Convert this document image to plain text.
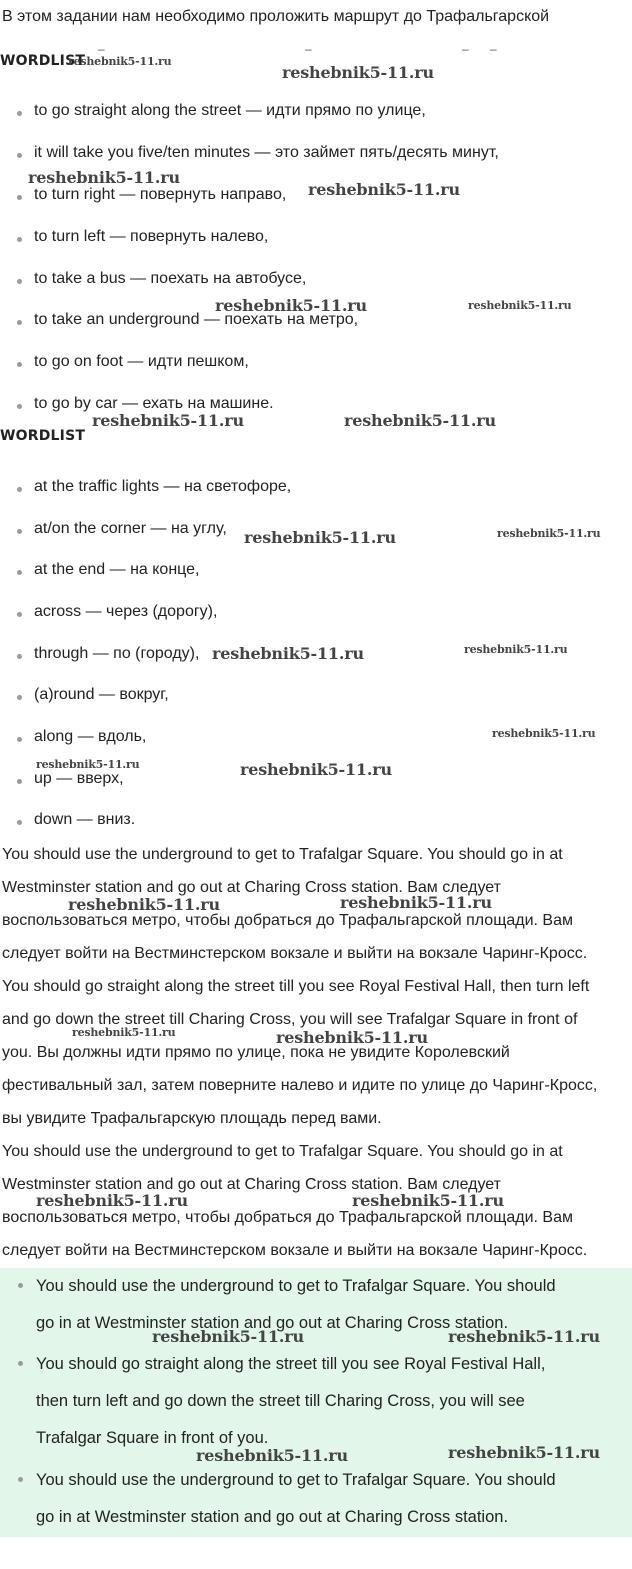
В этом задании нам необходимо проложить маршрут до Трафальгарской

–	–	– –
WORDLIST
to go straight along the street — идти прямо по улице,
it will take you five/ten minutes — это займет пять/десять минут,
to turn right — повернуть направо,
to turn left — повернуть налево,
to take a bus — поехать на автобусе,
to take an underground — поехать на метро,
to go on foot — идти пешком,
to go by car — ехать на машине.
WORDLIST
at the traffic lights — на светофоре,
at/on the corner — на углу,
at the end — на конце,
across — через (дорогу),
through — по (городу),
(a)round — вокруг,
along — вдоль,
up — вверх,
down — вниз.

You should use the underground to get to Trafalgar Square. You should go in at

Westminster station and go out at Charing Cross station. Вам следует

воспользоваться метро, чтобы добраться до Трафальгарской площади. Вам

следует войти на Вестминстерском вокзале и выйти на вокзале Чаринг-Кросс.

You should go straight along the street till you see Royal Festival Hall, then turn left

and go down the street till Charing Cross, you will see Trafalgar Square in front of

you. Вы должны идти прямо по улице, пока не увидите Королевский

фестивальный зал, затем поверните налево и идите по улице до Чаринг-Кросс,

вы увидите Трафальгарскую площадь перед вами.

You should use the underground to get to Trafalgar Square. You should go in at

Westminster station and go out at Charing Cross station. Вам следует

воспользоваться метро, чтобы добраться до Трафальгарской площади. Вам

следует войти на Вестминстерском вокзале и выйти на вокзале Чаринг-Кросс.

You should use the underground to get to Trafalgar Square. You should
go in at Westminster station and go out at Charing Cross station.
You should go straight along the street till you see Royal Festival Hall,
then turn left and go down the street till Charing Cross, you will see
Trafalgar Square in front of you.
You should use the underground to get to Trafalgar Square. You should
go in at Westminster station and go out at Charing Cross station.
reshebnik5-11.ru
reshebnik5-11.ru
reshebnik5-11.ru
reshebnik5-11.ru
reshebnik5-11.ru	reshebnik5-11.ru
reshebnik5-11.ru	reshebnik5-11.ru
reshebnik5-11.ru	reshebnik5-11.ru
reshebnik5-11.ru	reshebnik5-11.ru
reshebnik5-11.ru
reshebnik5-11.ru	reshebnik5-11.ru
reshebnik5-11.ru	reshebnik5-11.ru
reshebnik5-11.ru	reshebnik5-11.ru
reshebnik5-11.ru	reshebnik5-11.ru
reshebnik5-11.ru	reshebnik5-11.ru
reshebnik5-11.ru	reshebnik5-11.ru
